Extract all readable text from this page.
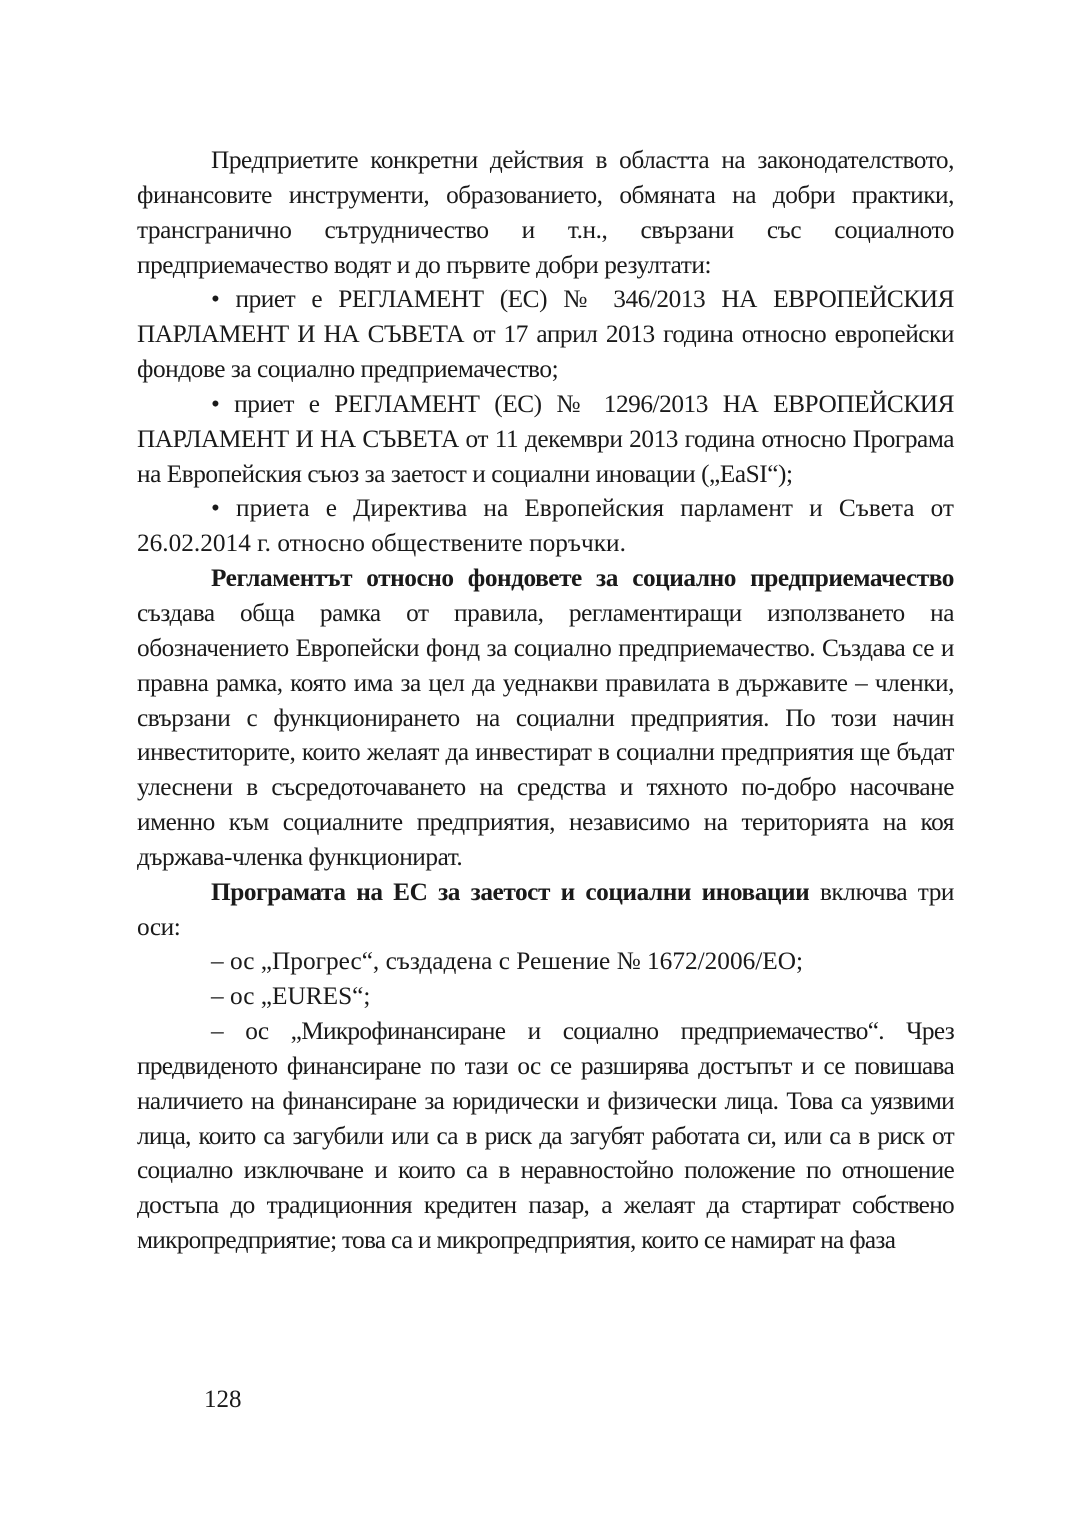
Предприетите конкретни действия в областта на законодателството, финансовите инструменти, образованието, обмяната на добри практики, трансгранично сътрудничество и т.н., свързани със социалното предприемачество водят и до първите добри резултати:

• приет е РЕГЛАМЕНТ (ЕС) № 346/2013 НА ЕВРОПЕЙСКИЯ ПАРЛАМЕНТ И НА СЪВЕТА от 17 април 2013 година относно европейски фондове за социално предприемачество;

• приет е РЕГЛАМЕНТ (ЕС) № 1296/2013 НА ЕВРОПЕЙСКИЯ ПАРЛАМЕНТ И НА СЪВЕТА от 11 декември 2013 година относно Програма на Европейския съюз за заетост и социални иновации („EaSI“);

• приета е Директива на Европейския парламент и Съвета от 26.02.2014 г. относно обществените поръчки.

Регламентът относно фондовете за социално предприемачество създава обща рамка от правила, регламентиращи използването на обозначението Европейски фонд за социално предприемачество. Създава се и правна рамка, която има за цел да уеднакви правилата в държавите – членки, свързани с функционирането на социални предприятия. По този начин инвеститорите, които желаят да инвестират в социални предприятия ще бъдат улеснени в съсредоточаването на средства и тяхното по-добро насочване именно към социалните предприятия, независимо на територията на коя държава-членка функционират.

Програмата на ЕС за заетост и социални иновации включва три оси:

– ос „Прогрес“, създадена с Решение № 1672/2006/ЕО;

– ос „EURES“;

– ос „Микрофинансиране и социално предприемачество“. Чрез предвиденото финансиране по тази ос се разширява достъпът и се повишава наличието на финансиране за юридически и физически лица. Това са уязвими лица, които са загубили или са в риск да загубят работата си, или са в риск от социално изключване и които са в неравностойно положение по отношение достъпа до традиционния кредитен пазар, а желаят да стартират собствено микропредприятие; това са и микропредприятия, които се намират на фаза

128
